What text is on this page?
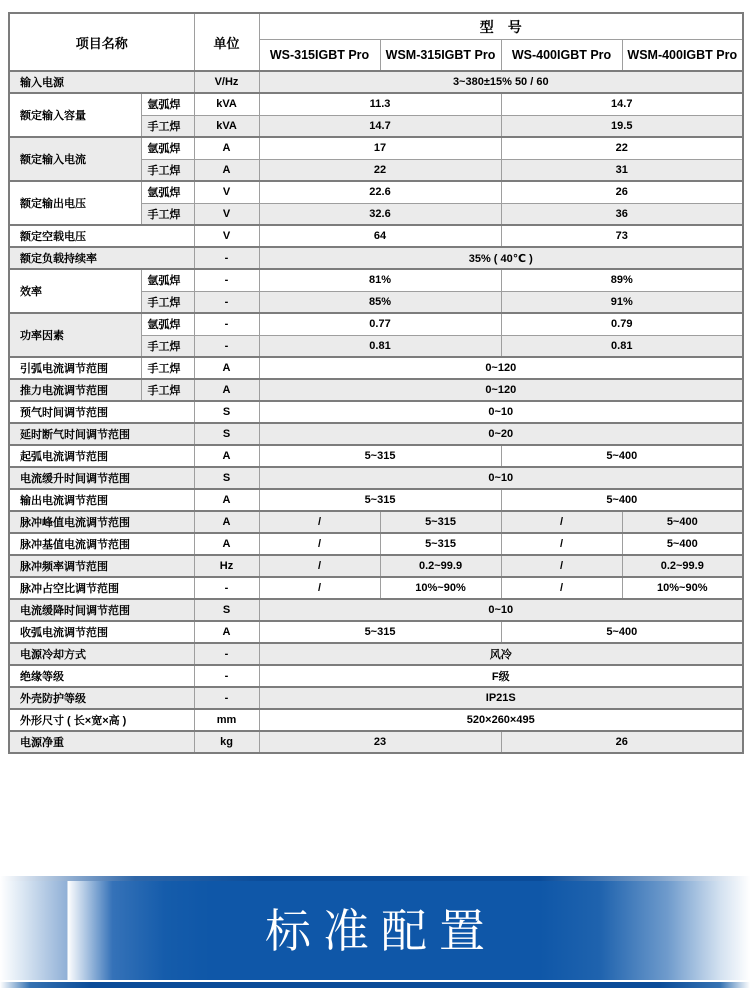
项目名称		单位	型　号			
			WS-315IGBT Pro	WSM-315IGBT Pro	WS-400IGBT Pro	WSM-400IGBT Pro
输入电源		V/Hz	3~380±15% 50 / 60			
额定输入容量	氩弧焊	kVA	11.3		14.7	
	手工焊	kVA	14.7		19.5	
额定输入电流	氩弧焊	A	17		22	
	手工焊	A	22		31	
额定输出电压	氩弧焊	V	22.6		26	
	手工焊	V	32.6		36	
额定空载电压		V	64		73	
额定负载持续率		-	35% ( 40℃ )			
效率	氩弧焊	-	81%		89%	
	手工焊	-	85%		91%	
功率因素	氩弧焊	-	0.77		0.79	
	手工焊	-	0.81		0.81	
引弧电流调节范围	手工焊	A	0~120			
推力电流调节范围	手工焊	A	0~120			
预气时间调节范围		S	0~10			
延时断气时间调节范围		S	0~20			
起弧电流调节范围		A	5~315		5~400	
电流缓升时间调节范围		S	0~10			
输出电流调节范围		A	5~315		5~400	
脉冲峰值电流调节范围		A	/	5~315	/	5~400
脉冲基值电流调节范围		A	/	5~315	/	5~400
脉冲频率调节范围		Hz	/	0.2~99.9	/	0.2~99.9
脉冲占空比调节范围		-	/	10%~90%	/	10%~90%
电流缓降时间调节范围		S	0~10			
收弧电流调节范围		A	5~315		5~400	
电源冷却方式		-	风冷			
绝缘等级		-	F级			
外壳防护等级		-	IP21S			
外形尺寸 ( 长×宽×高 )		mm	520×260×495			
电源净重		kg	23		26	
标准配置
